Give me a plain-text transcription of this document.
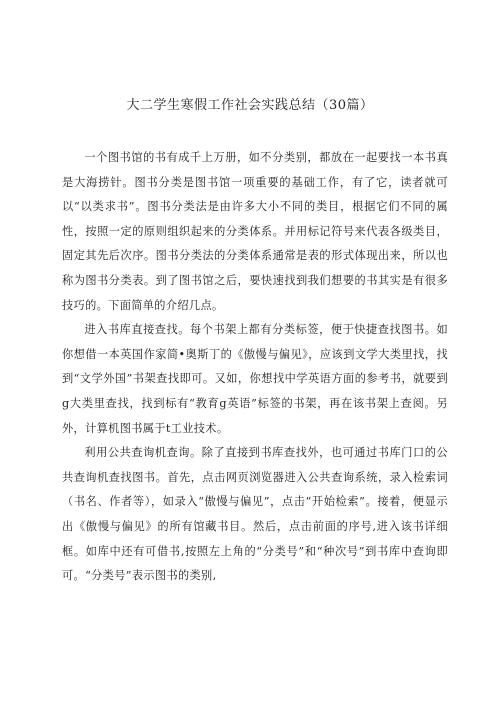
大二学生寒假工作社会实践总结（30篇）

一个图书馆的书有成千上万册，如不分类别，都放在一起要找一本书真是大海捞针。图书分类是图书馆一项重要的基础工作，有了它，读者就可以“以类求书”。图书分类法是由许多大小不同的类目，根据它们不同的属性，按照一定的原则组织起来的分类体系。并用标记符号来代表各级类目，固定其先后次序。图书分类法的分类体系通常是表的形式体现出来，所以也称为图书分类表。到了图书馆之后，要快速找到我们想要的书其实是有很多技巧的。下面简单的介绍几点。

进入书库直接查找。每个书架上都有分类标签，便于快捷查找图书。如你想借一本英国作家简•奥斯丁的《傲慢与偏见》，应该到文学大类里找，找到“文学外国”书架查找即可。又如，你想找中学英语方面的参考书，就要到g大类里查找，找到标有“教育g英语”标签的书架，再在该书架上查阅。另外，计算机图书属于t工业技术。

利用公共查询机查询。除了直接到书库查找外，也可通过书库门口的公共查询机查找图书。首先，点击网页浏览器进入公共查询系统，录入检索词（书名、作者等），如录入“傲慢与偏见”，点击“开始检索”。接着，便显示出《傲慢与偏见》的所有馆藏书目。然后，点击前面的序号,进入该书详细框。如库中还有可借书,按照左上角的“分类号”和“种次号”到书库中查询即可。“分类号”表示图书的类别,
